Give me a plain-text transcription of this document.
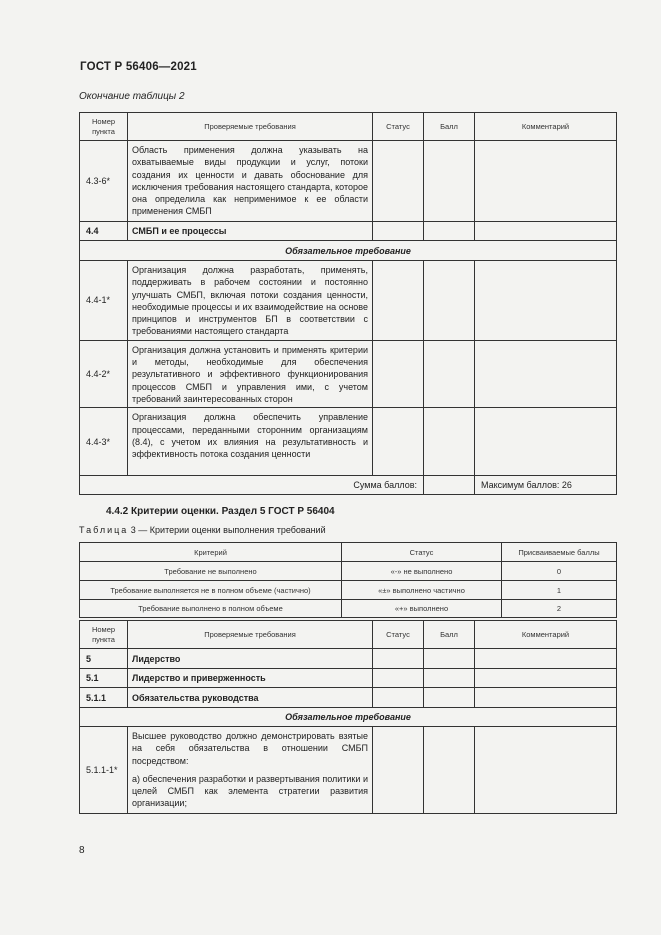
ГОСТ Р 56406—2021
Окончание таблицы 2
Номер пункта	Проверяемые требования	Статус	Балл	Комментарий
4.3-6*	Область применения должна указывать на охватываемые виды продукции и услуг, потоки создания их ценности и давать обоснование для исключения требования настоящего стандарта, которое она определила как неприменимое к ее области применения СМБП			
4.4	СМБП и ее процессы			
Обязательное требование				
4.4-1*	Организация должна разработать, применять, поддерживать в рабочем состоянии и постоянно улучшать СМБП, включая потоки создания ценности, необходимые процессы и их взаимодействие на основе принципов и инструментов БП в соответствии с требованиями настоящего стандарта			
4.4-2*	Организация должна установить и применять критерии и методы, необходимые для обеспечения результативного и эффективного функционирования процессов СМБП и управления ими, с учетом требований заинтересованных сторон			
4.4-3*	Организация должна обеспечить управление процессами, переданными сторонним организациям (8.4), с учетом их влияния на результативность и эффективность потока создания ценности			
Сумма баллов:				Максимум баллов: 26
4.4.2 Критерии оценки. Раздел 5 ГОСТ Р 56404
Таблица 3 — Критерии оценки выполнения требований
Критерий	Статус	Присваиваемые баллы
Требование не выполнено	«-» не выполнено	0
Требование выполняется не в полном объеме (частично)	«±» выполнено частично	1
Требование выполнено в полном объеме	«+» выполнено	2
Номер пункта	Проверяемые требования	Статус	Балл	Комментарий
5	Лидерство			
5.1	Лидерство и приверженность			
5.1.1	Обязательства руководства			
Обязательное требование				
5.1.1-1*	Высшее руководство должно демонстрировать взятые на себя обязательства в отношении СМБП посредством:
а) обеспечения разработки и развертывания политики и целей СМБП как элемента стратегии развития организации;			

8
